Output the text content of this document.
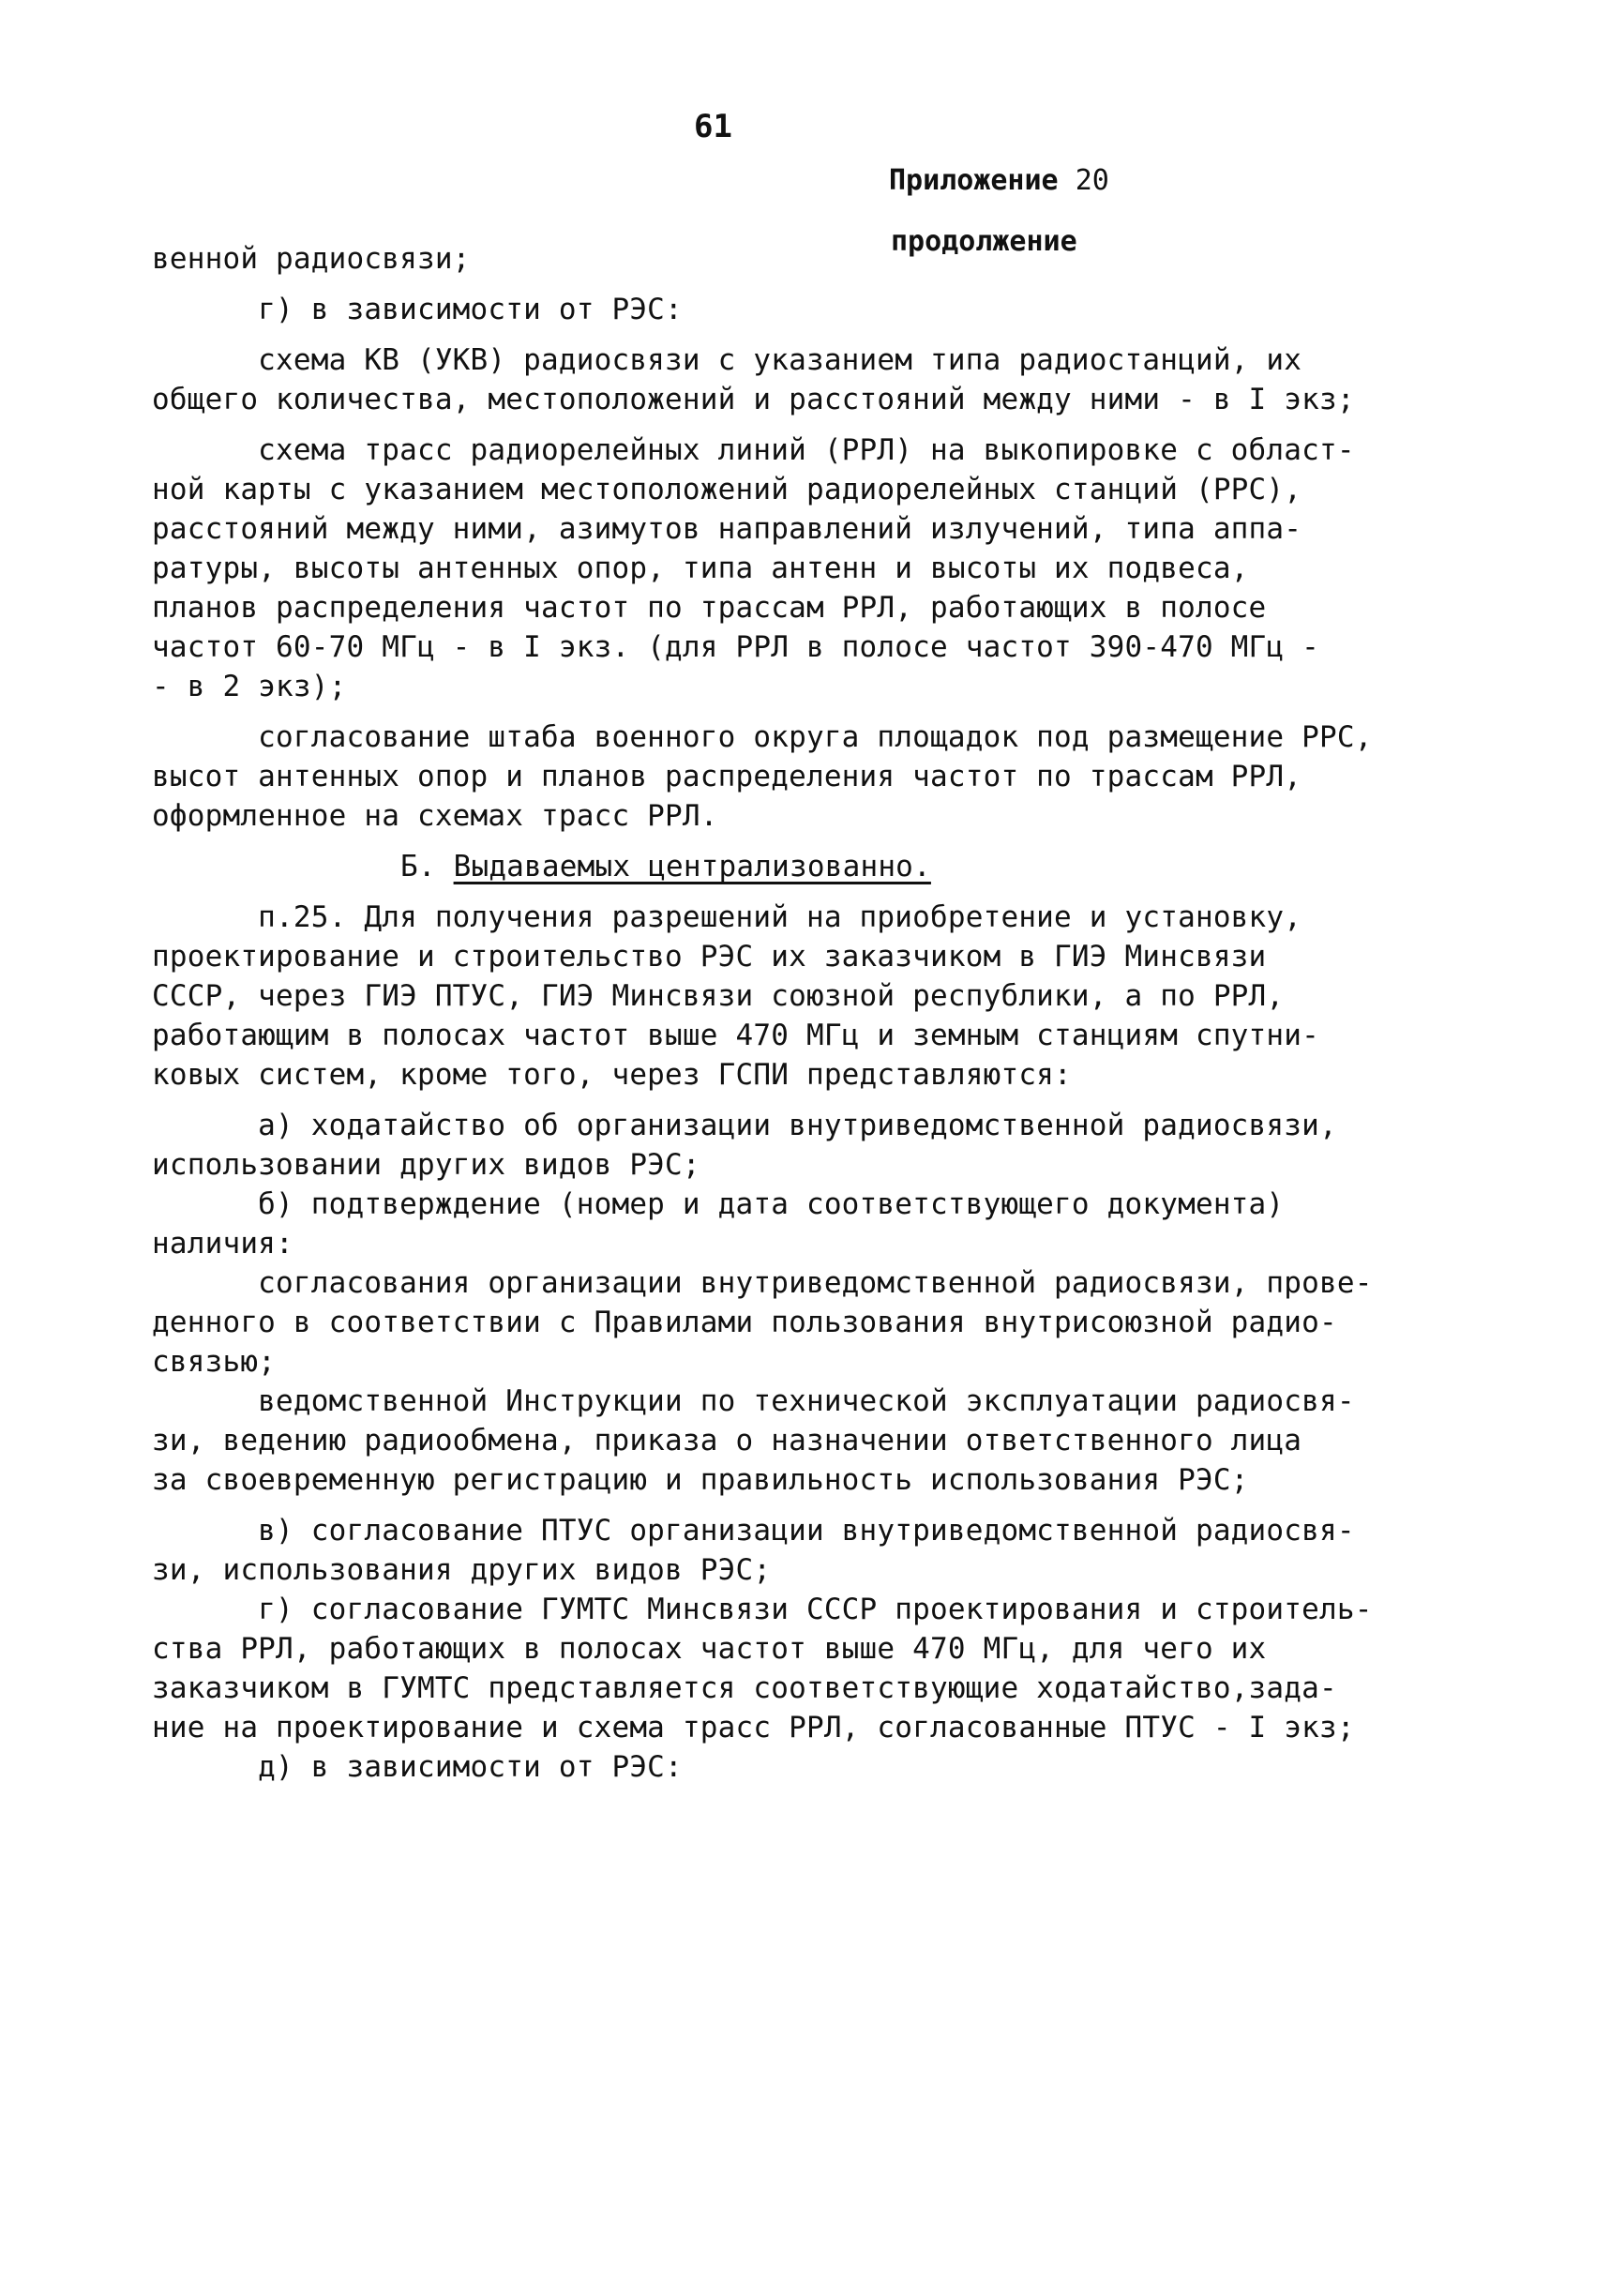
61
Приложение 20
продолжение
венной радиосвязи;
г) в зависимости от РЭС:
схема КВ (УКВ) радиосвязи с указанием типа радиостанций, их
общего количества, местоположений и расстояний между ними - в I экз;
схема трасс радиорелейных линий (РРЛ) на выкопировке с област-
ной карты с указанием местоположений радиорелейных станций (РРС),
расстояний между ними, азимутов направлений излучений, типа аппа-
ратуры, высоты антенных опор, типа антенн и высоты их подвеса,
планов распределения частот по трассам РРЛ, работающих в полосе
частот 60-70 МГц - в I экз. (для РРЛ в полосе частот 390-470 МГц -
- в 2 экз);
согласование штаба военного округа площадок под размещение РРС,
высот антенных опор и планов распределения частот по трассам РРЛ,
оформленное на схемах трасс РРЛ.
Б. Выдаваемых централизованно.
п.25. Для получения разрешений на приобретение и установку,
проектирование и строительство РЭС их заказчиком в ГИЭ Минсвязи
СССР, через ГИЭ ПТУС, ГИЭ Минсвязи союзной республики, а по РРЛ,
работающим в полосах частот выше 470 МГц и земным станциям спутни-
ковых систем, кроме того, через ГСПИ представляются:
а) ходатайство об организации внутриведомственной радиосвязи,
использовании других видов РЭС;
б) подтверждение (номер и дата соответствующего документа)
наличия:
согласования организации внутриведомственной радиосвязи, прове-
денного в соответствии с Правилами пользования внутрисоюзной радио-
связью;
ведомственной Инструкции по технической эксплуатации радиосвя-
зи, ведению радиообмена, приказа о назначении ответственного лица
за своевременную регистрацию и правильность использования РЭС;
в) согласование ПТУС организации внутриведомственной радиосвя-
зи, использования других видов РЭС;
г) согласование ГУМТС Минсвязи СССР проектирования и строитель-
ства РРЛ, работающих в полосах частот выше 470 МГц, для чего их
заказчиком в ГУМТС представляется соответствующие ходатайство,зада-
ние на проектирование и схема трасс РРЛ, согласованные ПТУС - I экз;
д) в зависимости от РЭС:
